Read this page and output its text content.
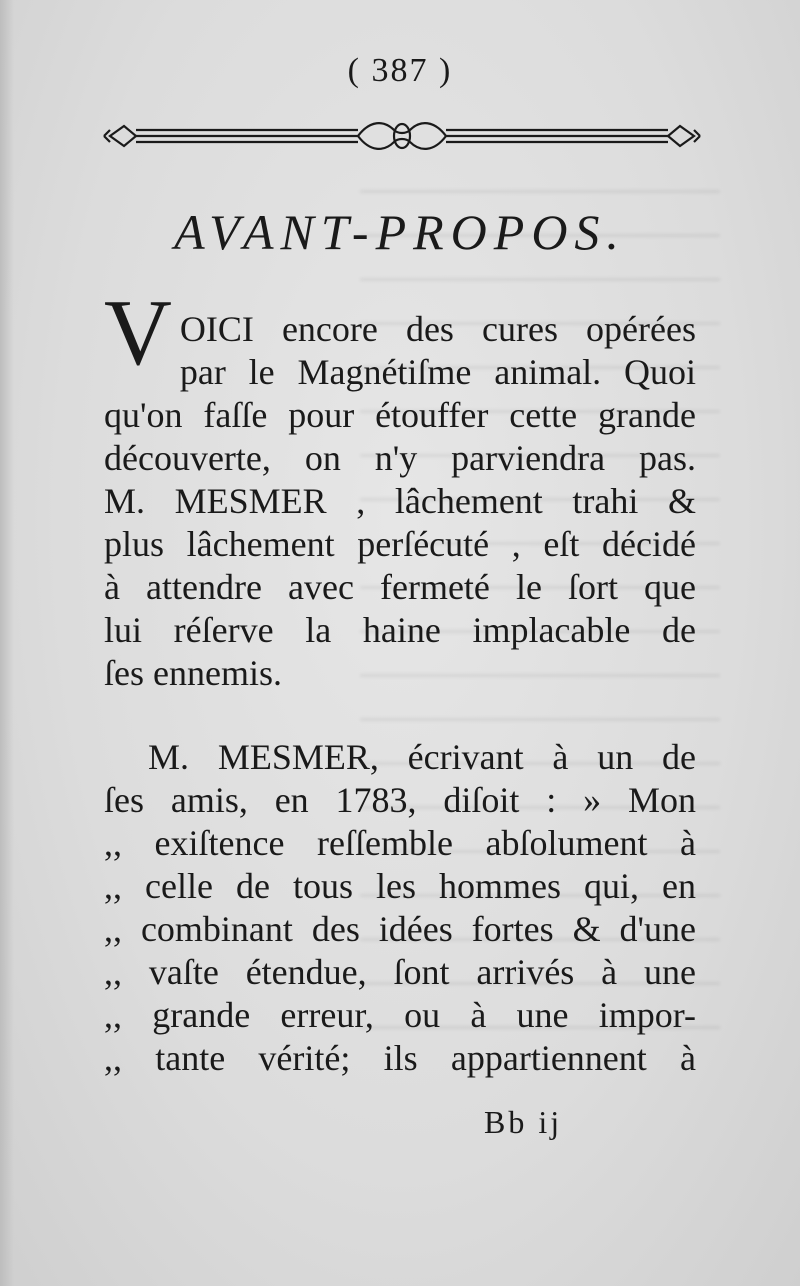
( 387 )
AVANT-PROPOS.
V OICI encore des cures opérées
par le Magnétiſme animal. Quoi
qu'on faſſe pour étouffer cette grande
découverte, on n'y parviendra pas.
M. MESMER , lâchement trahi &
plus lâchement perſécuté , eſt décidé
à attendre avec fermeté le ſort que
lui réſerve la haine implacable de
ſes ennemis.
M. MESMER, écrivant à un de
ſes amis, en 1783, diſoit : » Mon
,, exiſtence reſſemble abſolument à
,, celle de tous les hommes qui, en
,, combinant des idées fortes & d'une
,, vaſte étendue, ſont arrivés à une
,, grande erreur, ou à une impor-
,, tante vérité; ils appartiennent à
Bb ij
